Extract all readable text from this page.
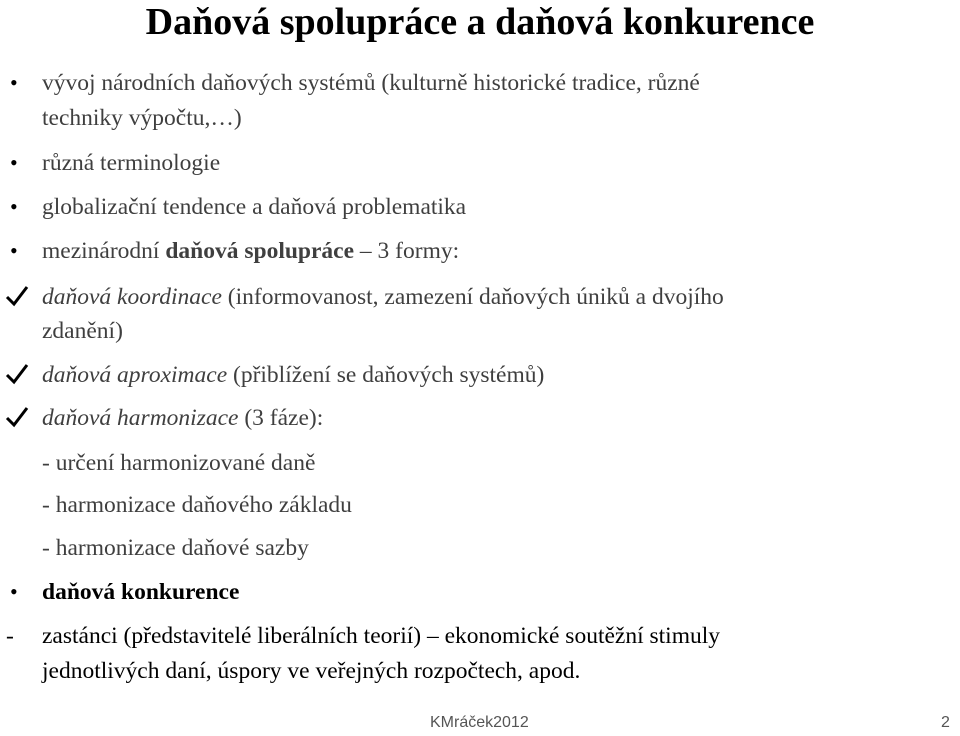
Daňová spolupráce a daňová konkurence
• vývoj národních daňových systémů (kulturně historické tradice, různé
techniky výpočtu,…)
• různá terminologie
• globalizační tendence a daňová problematika
• mezinárodní daňová spolupráce – 3 formy:
daňová koordinace (informovanost, zamezení daňových úniků a dvojího
zdanění)
daňová aproximace (přiblížení se daňových systémů)
daňová harmonizace (3 fáze):
- určení harmonizované daně
- harmonizace daňového základu
- harmonizace daňové sazby
• daňová konkurence
- zastánci (představitelé liberálních teorií) – ekonomické soutěžní stimuly
jednotlivých daní, úspory ve veřejných rozpočtech, apod.
KMráček2012	2
